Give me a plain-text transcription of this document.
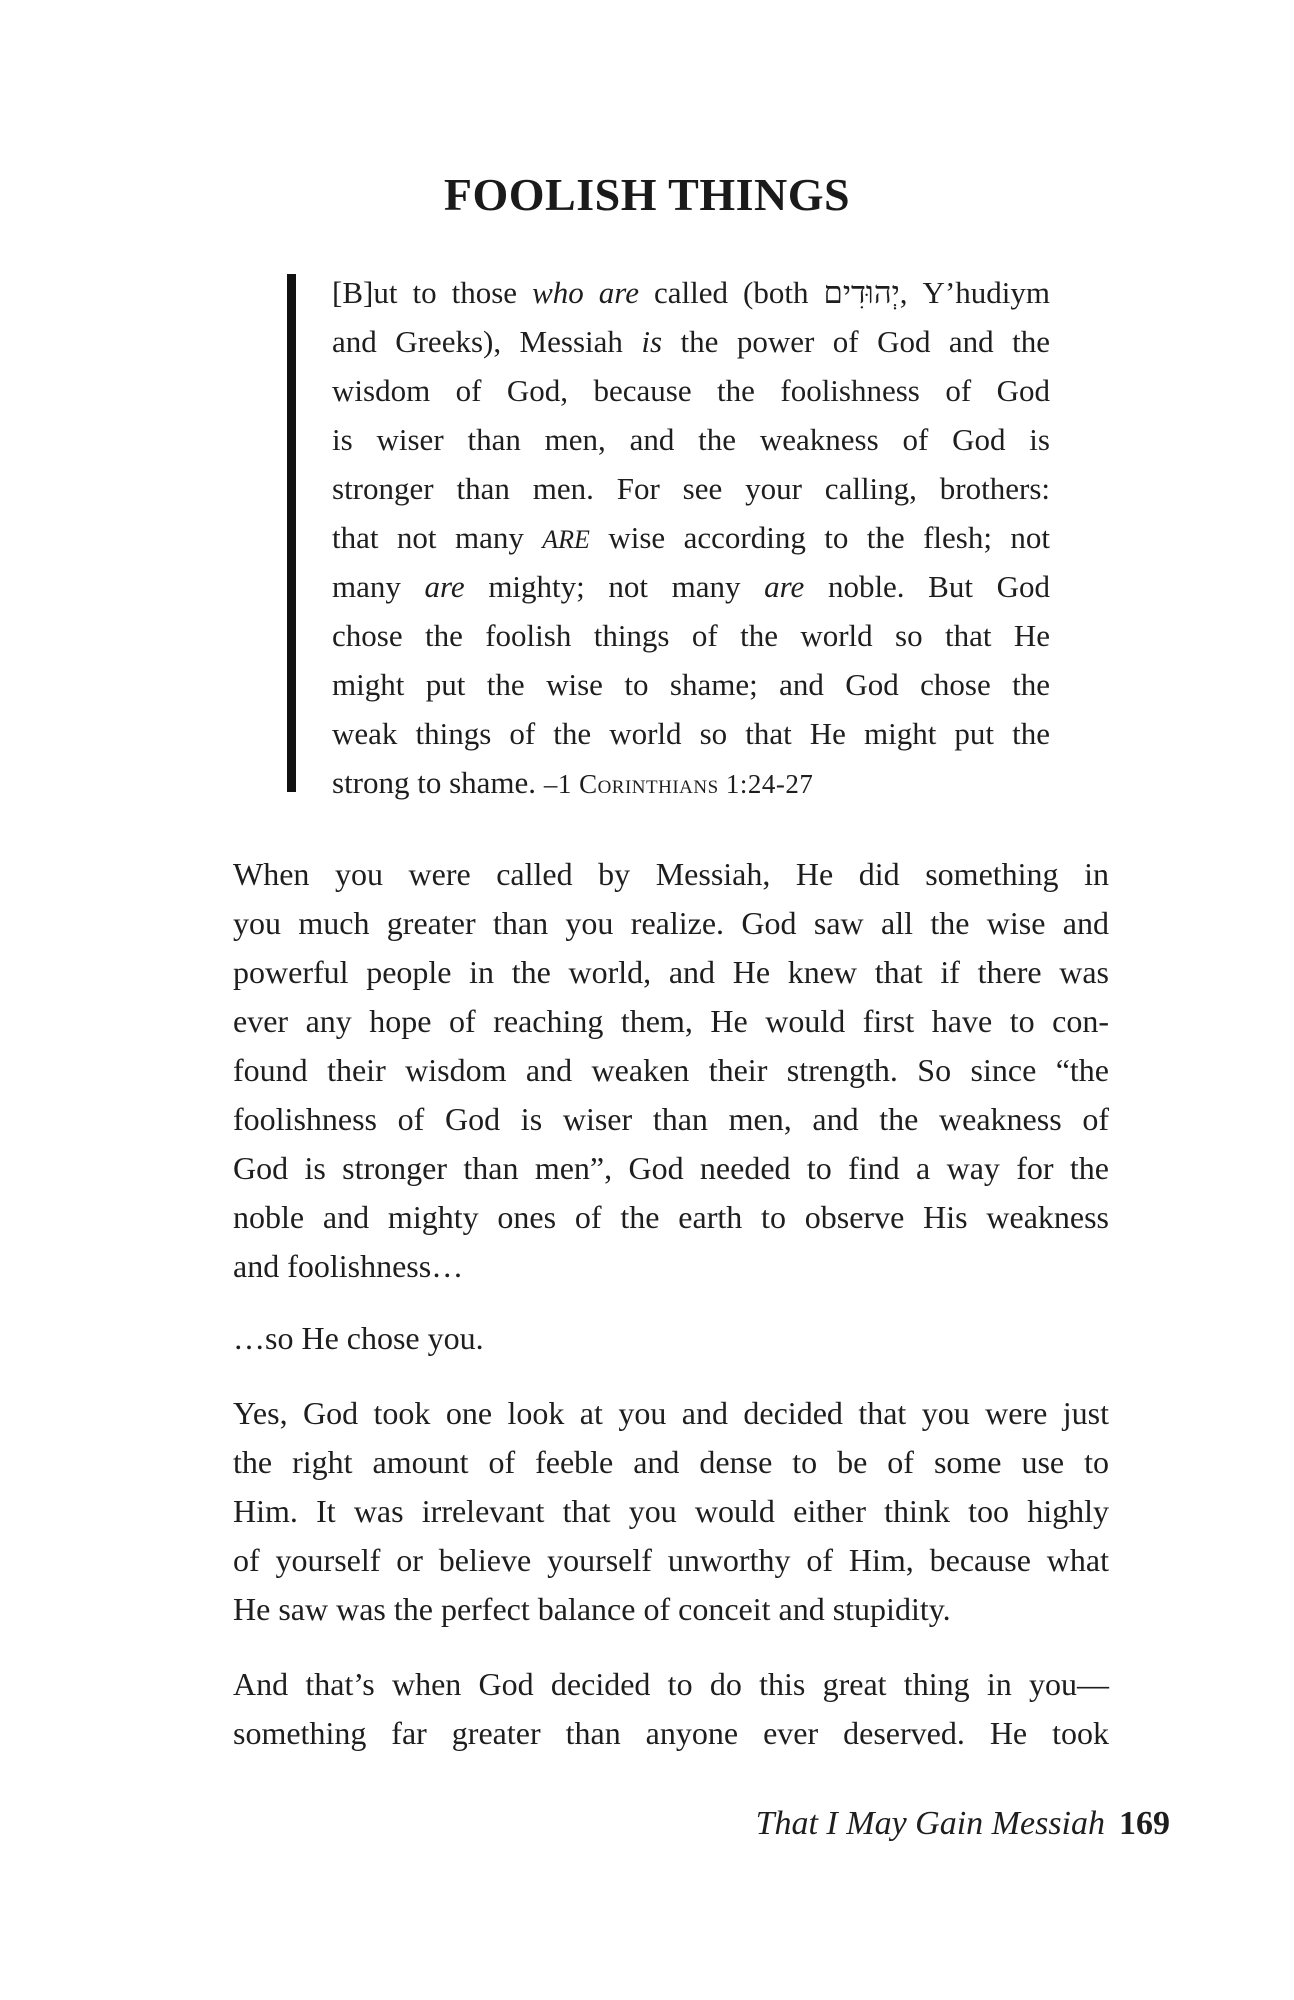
FOOLISH THINGS
[B]ut to those who are called (both יְהוּדִים, Y’hudiym
and Greeks), Messiah is the power of God and the
wisdom of God, because the foolishness of God
is wiser than men, and the weakness of God is
stronger than men. For see your calling, brothers:
that not many ARE wise according to the flesh; not
many are mighty; not many are noble. But God
chose the foolish things of the world so that He
might put the wise to shame; and God chose the
weak things of the world so that He might put the
strong to shame. –1 Corinthians 1:24-27
When you were called by Messiah, He did something in
you much greater than you realize. God saw all the wise and
powerful people in the world, and He knew that if there was
ever any hope of reaching them, He would first have to con-
found their wisdom and weaken their strength. So since “the
foolishness of God is wiser than men, and the weakness of
God is stronger than men”, God needed to find a way for the
noble and mighty ones of the earth to observe His weakness
and foolishness…
…so He chose you.
Yes, God took one look at you and decided that you were just
the right amount of feeble and dense to be of some use to
Him. It was irrelevant that you would either think too highly
of yourself or believe yourself unworthy of Him, because what
He saw was the perfect balance of conceit and stupidity.
And that’s when God decided to do this great thing in you—
something far greater than anyone ever deserved. He took
That I May Gain Messiah 169
